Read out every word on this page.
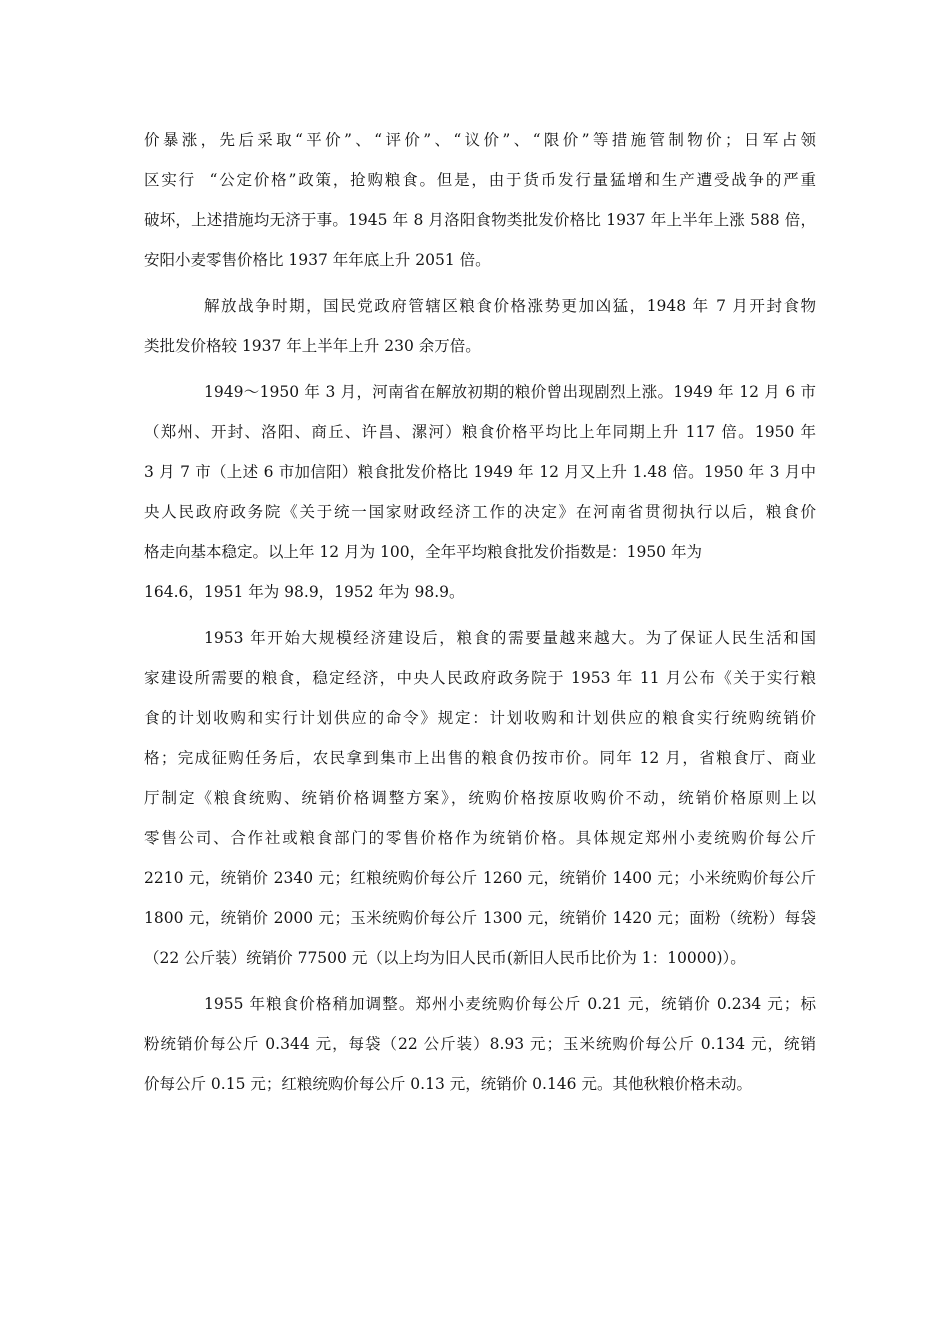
价暴涨，先后采取“平价”、“评价”、“议价”、“限价”等措施管制物价；日军占领
区实行  “公定价格”政策，抢购粮食。但是，由于货币发行量猛增和生产遭受战争的严重
破坏，上述措施均无济于事。1945 年 8 月洛阳食物类批发价格比 1937 年上半年上涨 588 倍，
安阳小麦零售价格比 1937 年年底上升 2051 倍。
解放战争时期，国民党政府管辖区粮食价格涨势更加凶猛，1948 年 7 月开封食物
类批发价格较 1937 年上半年上升 230 余万倍。
1949～1950 年 3 月，河南省在解放初期的粮价曾出现剧烈上涨。1949 年 12 月 6 市
（郑州、开封、洛阳、商丘、许昌、漯河）粮食价格平均比上年同期上升 117 倍。1950 年
3 月 7 市（上述 6 市加信阳）粮食批发价格比 1949 年 12 月又上升 1.48 倍。1950 年 3 月中
央人民政府政务院《关于统一国家财政经济工作的决定》在河南省贯彻执行以后，粮食价
格走向基本稳定。以上年 12 月为 100，全年平均粮食批发价指数是：1950 年为
164.6，1951 年为 98.9，1952 年为 98.9。
1953 年开始大规模经济建设后，粮食的需要量越来越大。为了保证人民生活和国
家建设所需要的粮食，稳定经济，中央人民政府政务院于 1953 年 11 月公布《关于实行粮
食的计划收购和实行计划供应的命令》规定：计划收购和计划供应的粮食实行统购统销价
格；完成征购任务后，农民拿到集市上出售的粮食仍按市价。同年 12 月，省粮食厅、商业
厅制定《粮食统购、统销价格调整方案》，统购价格按原收购价不动，统销价格原则上以
零售公司、合作社或粮食部门的零售价格作为统销价格。具体规定郑州小麦统购价每公斤
2210 元，统销价 2340 元；红粮统购价每公斤 1260 元，统销价 1400 元；小米统购价每公斤
1800 元，统销价 2000 元；玉米统购价每公斤 1300 元，统销价 1420 元；面粉（统粉）每袋
（22 公斤装）统销价 77500 元（以上均为旧人民币(新旧人民币比价为 1：10000)）。
1955 年粮食价格稍加调整。郑州小麦统购价每公斤 0.21 元，统销价 0.234 元；标
粉统销价每公斤 0.344 元，每袋（22 公斤装）8.93 元；玉米统购价每公斤 0.134 元，统销
价每公斤 0.15 元；红粮统购价每公斤 0.13 元，统销价 0.146 元。其他秋粮价格未动。
